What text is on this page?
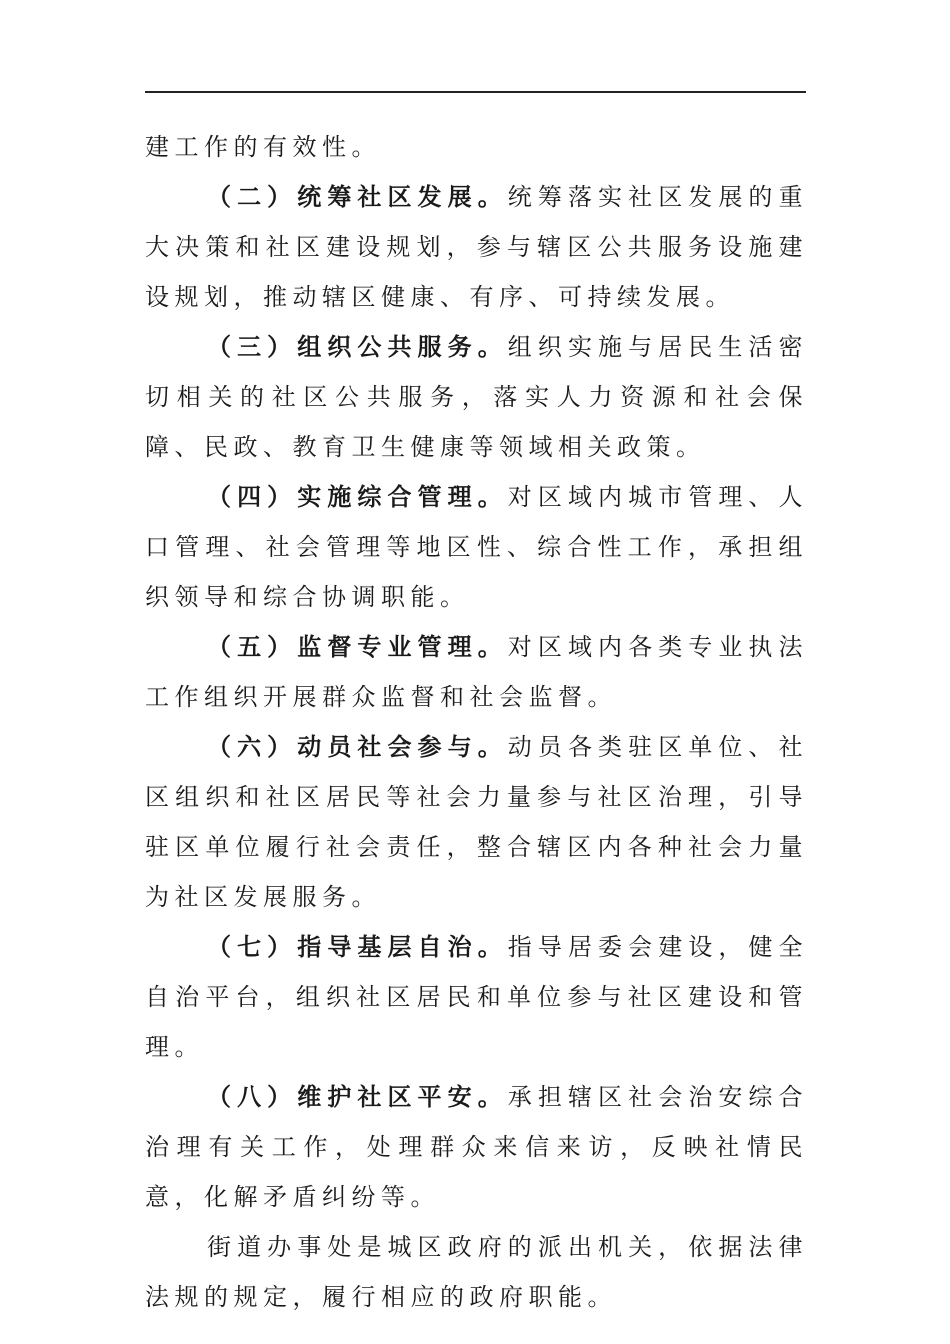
建工作的有效性。

（二）统筹社区发展。统筹落实社区发展的重大决策和社区建设规划，参与辖区公共服务设施建设规划，推动辖区健康、有序、可持续发展。

（三）组织公共服务。组织实施与居民生活密切相关的社区公共服务，落实人力资源和社会保障、民政、教育卫生健康等领域相关政策。

（四）实施综合管理。对区域内城市管理、人口管理、社会管理等地区性、综合性工作，承担组织领导和综合协调职能。

（五）监督专业管理。对区域内各类专业执法工作组织开展群众监督和社会监督。

（六）动员社会参与。动员各类驻区单位、社区组织和社区居民等社会力量参与社区治理，引导驻区单位履行社会责任，整合辖区内各种社会力量为社区发展服务。

（七）指导基层自治。指导居委会建设，健全自治平台，组织社区居民和单位参与社区建设和管理。

（八）维护社区平安。承担辖区社会治安综合治理有关工作，处理群众来信来访，反映社情民意，化解矛盾纠纷等。

街道办事处是城区政府的派出机关，依据法律法规的规定，履行相应的政府职能。
